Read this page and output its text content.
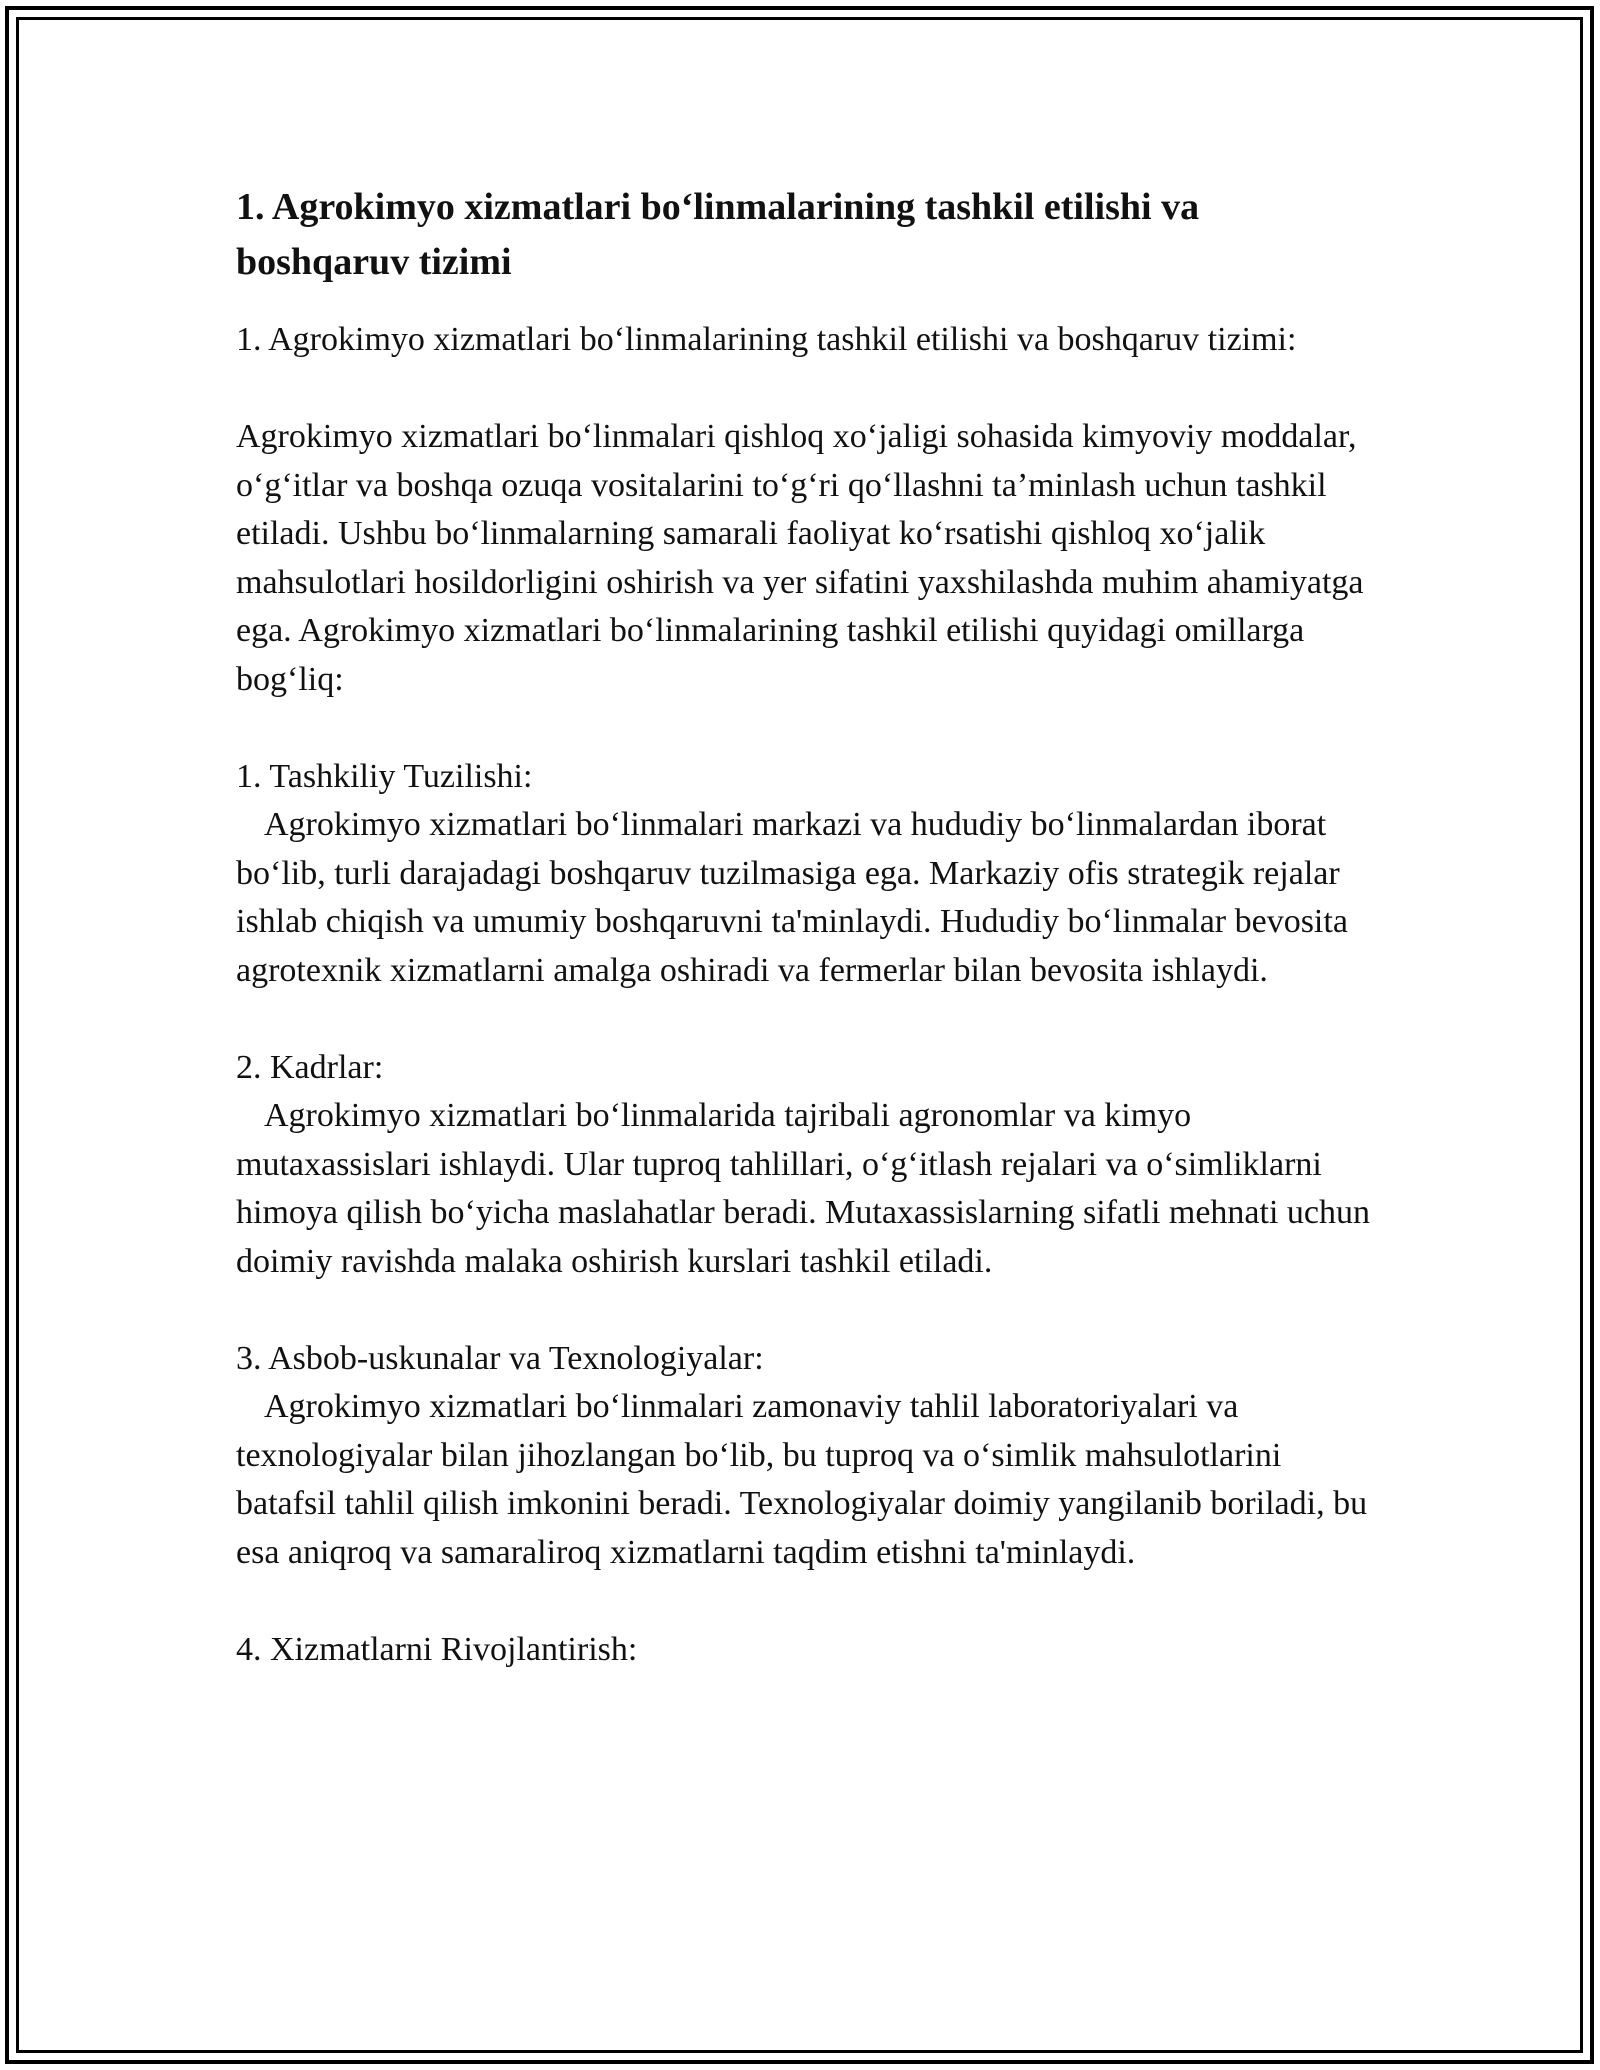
1. Agrokimyo xizmatlari bo‘linmalarining tashkil etilishi va boshqaruv tizimi

1. Agrokimyo xizmatlari bo‘linmalarining tashkil etilishi va boshqaruv tizimi:

Agrokimyo xizmatlari bo‘linmalari qishloq xo‘jaligi sohasida kimyoviy moddalar, o‘g‘itlar va boshqa ozuqa vositalarini to‘g‘ri qo‘llashni ta’minlash uchun tashkil etiladi. Ushbu bo‘linmalarning samarali faoliyat ko‘rsatishi qishloq xo‘jalik mahsulotlari hosildorligini oshirish va yer sifatini yaxshilashda muhim ahamiyatga ega. Agrokimyo xizmatlari bo‘linmalarining tashkil etilishi quyidagi omillarga bog‘liq:

1. Tashkiliy Tuzilishi:

Agrokimyo xizmatlari bo‘linmalari markazi va hududiy bo‘linmalardan iborat bo‘lib, turli darajadagi boshqaruv tuzilmasiga ega. Markaziy ofis strategik rejalar ishlab chiqish va umumiy boshqaruvni ta'minlaydi. Hududiy bo‘linmalar bevosita agrotexnik xizmatlarni amalga oshiradi va fermerlar bilan bevosita ishlaydi.

2. Kadrlar:

Agrokimyo xizmatlari bo‘linmalarida tajribali agronomlar va kimyo mutaxassislari ishlaydi. Ular tuproq tahlillari, o‘g‘itlash rejalari va o‘simliklarni himoya qilish bo‘yicha maslahatlar beradi. Mutaxassislarning sifatli mehnati uchun doimiy ravishda malaka oshirish kurslari tashkil etiladi.

3. Asbob-uskunalar va Texnologiyalar:

Agrokimyo xizmatlari bo‘linmalari zamonaviy tahlil laboratoriyalari va texnologiyalar bilan jihozlangan bo‘lib, bu tuproq va o‘simlik mahsulotlarini batafsil tahlil qilish imkonini beradi. Texnologiyalar doimiy yangilanib boriladi, bu esa aniqroq va samaraliroq xizmatlarni taqdim etishni ta'minlaydi.

4. Xizmatlarni Rivojlantirish:
